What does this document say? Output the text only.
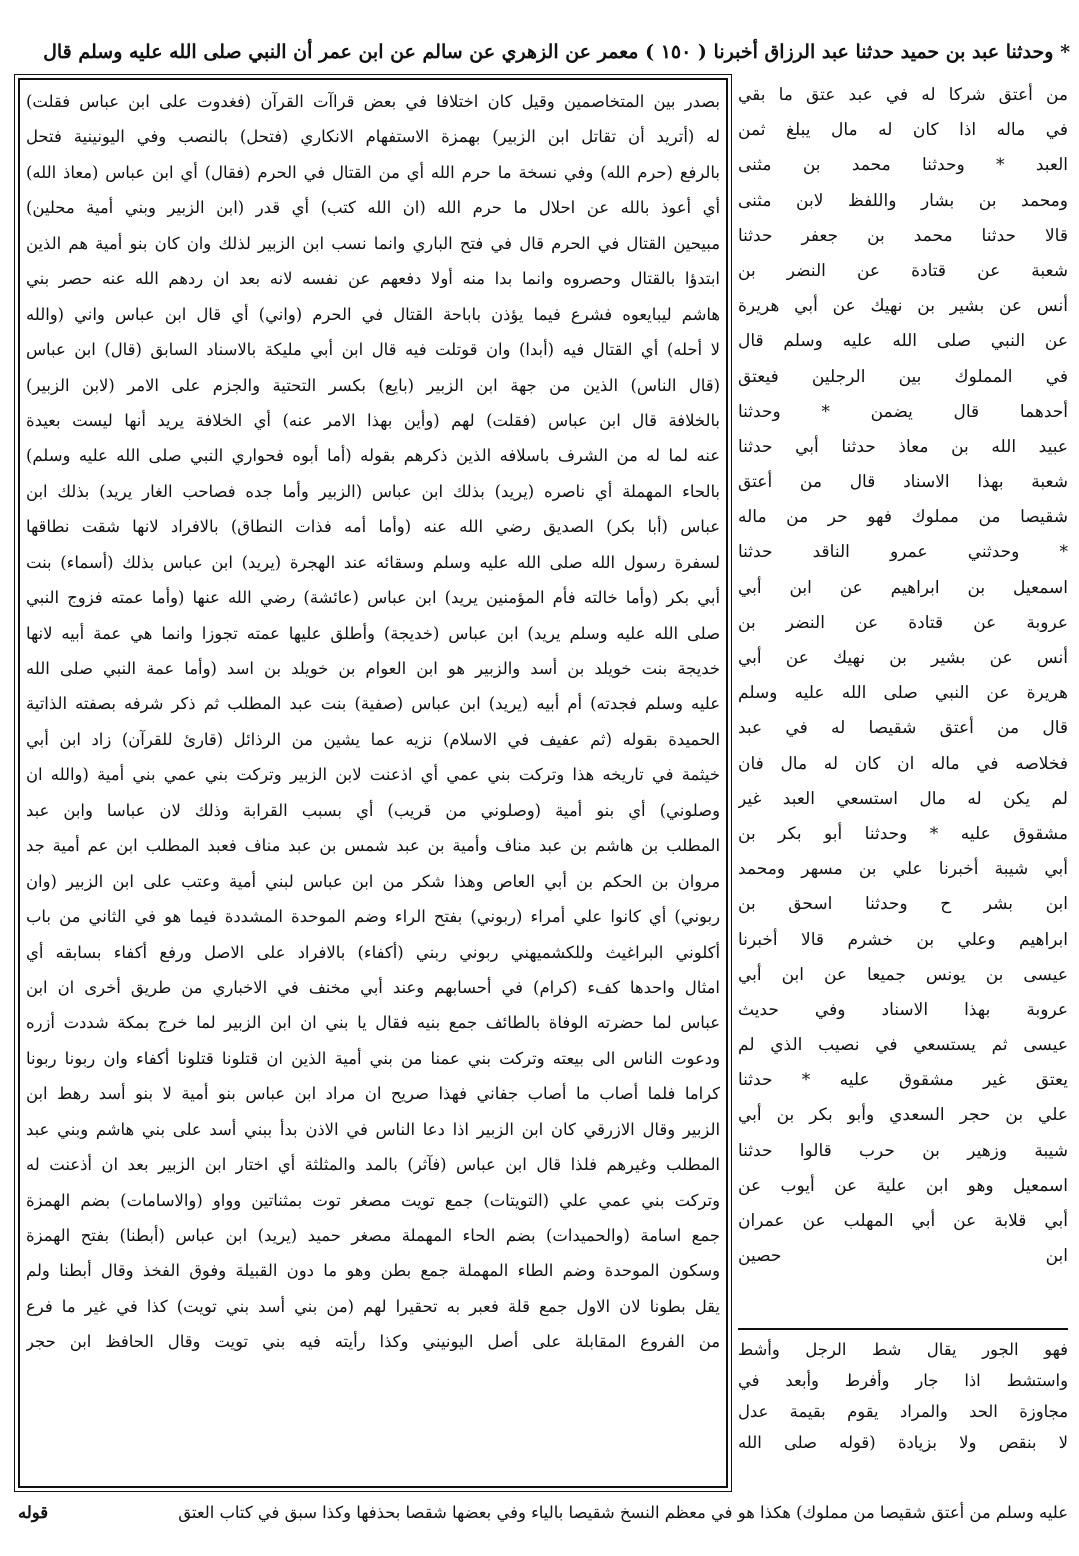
* وحدثنا عبد بن حميد حدثنا عبد الرزاق أخبرنا ( ١٥٠ ) معمر عن الزهري عن سالم عن ابن عمر أن النبي صلى الله عليه وسلم قال
بصدر بين المتخاصمين وقيل كان اختلافا في بعض قراآت القرآن (فغدوت على ابن عباس فقلت)
له (أتريد أن تقاتل ابن الزبير) بهمزة الاستفهام الانكاري (فتحل) بالنصب وفي اليونينية فتحل
بالرفع (حرم الله) وفي نسخة ما حرم الله أي من القتال في الحرم (فقال) أي ابن عباس (معاذ الله)
أي أعوذ بالله عن احلال ما حرم الله (ان الله كتب) أي قدر (ابن الزبير وبني أمية محلين)
مبيحين القتال في الحرم قال في فتح الباري وانما نسب ابن الزبير لذلك وان كان بنو أمية هم الذين
ابتدؤا بالقتال وحصروه وانما بدا منه أولا دفعهم عن نفسه لانه بعد ان ردهم الله عنه حصر بني
هاشم ليبايعوه فشرع فيما يؤذن باباحة القتال في الحرم (واني) أي قال ابن عباس واني (والله
لا أحله) أي القتال فيه (أبدا) وان قوتلت فيه قال ابن أبي مليكة بالاسناد السابق (قال) ابن عباس
(قال الناس) الذين من جهة ابن الزبير (بايع) بكسر التحتية والجزم على الامر (لابن الزبير)
بالخلافة قال ابن عباس (فقلت) لهم (وأين بهذا الامر عنه) أي الخلافة يريد أنها ليست بعيدة
عنه لما له من الشرف باسلافه الذين ذكرهم بقوله (أما أبوه فحواري النبي صلى الله عليه وسلم)
بالحاء المهملة أي ناصره (يريد) بذلك ابن عباس (الزبير وأما جده فصاحب الغار يريد) بذلك ابن
عباس (أبا بكر) الصديق رضي الله عنه (وأما أمه فذات النطاق) بالافراد لانها شقت نطاقها
لسفرة رسول الله صلى الله عليه وسلم وسقائه عند الهجرة (يريد) ابن عباس بذلك (أسماء) بنت
أبي بكر (وأما خالته فأم المؤمنين يريد) ابن عباس (عائشة) رضي الله عنها (وأما عمته فزوج النبي
صلى الله عليه وسلم يريد) ابن عباس (خديجة) وأطلق عليها عمته تجوزا وانما هي عمة أبيه لانها
خديجة بنت خويلد بن أسد والزبير هو ابن العوام بن خويلد بن اسد (وأما عمة النبي صلى الله
عليه وسلم فجدته) أم أبيه (يريد) ابن عباس (صفية) بنت عبد المطلب ثم ذكر شرفه بصفته الذاتية
الحميدة بقوله (ثم عفيف في الاسلام) نزيه عما يشين من الرذائل (قارئ للقرآن) زاد ابن أبي
خيثمة في تاريخه هذا وتركت بني عمي أي اذعنت لابن الزبير وتركت بني عمي بني أمية (والله ان
وصلوني) أي بنو أمية (وصلوني من قريب) أي بسبب القرابة وذلك لان عباسا وابن عبد
المطلب بن هاشم بن عبد مناف وأمية بن عبد شمس بن عبد مناف فعبد المطلب ابن عم أمية جد
مروان بن الحكم بن أبي العاص وهذا شكر من ابن عباس لبني أمية وعتب على ابن الزبير (وان
ربوني) أي كانوا علي أمراء (ربوني) بفتح الراء وضم الموحدة المشددة فيما هو في الثاني من باب
أكلوني البراغيث وللكشميهني ربوني ربني (أكفاء) بالافراد على الاصل ورفع أكفاء بسابقه أي
امثال واحدها كفء (كرام) في أحسابهم وعند أبي مخنف في الاخباري من طريق أخرى ان ابن
عباس لما حضرته الوفاة بالطائف جمع بنيه فقال يا بني ان ابن الزبير لما خرج بمكة شددت أزره
ودعوت الناس الى بيعته وتركت بني عمنا من بني أمية الذين ان قتلونا قتلونا أكفاء وان ربونا ربونا
كراما فلما أصاب ما أصاب جفاني فهذا صريح ان مراد ابن عباس بنو أمية لا بنو أسد رهط ابن
الزبير وقال الازرقي كان ابن الزبير اذا دعا الناس في الاذن بدأ ببني أسد على بني هاشم وبني عبد
المطلب وغيرهم فلذا قال ابن عباس (فآثر) بالمد والمثلثة أي اختار ابن الزبير بعد ان أذعنت له
وتركت بني عمي علي (التويتات) جمع تويت مصغر توت بمثناتين وواو (والاسامات) بضم الهمزة
جمع اسامة (والحميدات) بضم الحاء المهملة مصغر حميد (يريد) ابن عباس (أبطنا) بفتح الهمزة
وسكون الموحدة وضم الطاء المهملة جمع بطن وهو ما دون القبيلة وفوق الفخذ وقال أبطنا ولم
يقل بطونا لان الاول جمع قلة فعبر به تحقيرا لهم (من بني أسد بني تويت) كذا في غير ما فرع
من الفروع المقابلة على أصل اليونيني وكذا رأيته فيه بني تويت وقال الحافظ ابن حجر
من أعتق شركا له في عبد عتق ما بقي
في ماله اذا كان له مال يبلغ ثمن
العبد * وحدثنا محمد بن مثنى
ومحمد بن بشار واللفظ لابن مثنى
قالا حدثنا محمد بن جعفر حدثنا
شعبة عن قتادة عن النضر بن
أنس عن بشير بن نهيك عن أبي هريرة
عن النبي صلى الله عليه وسلم قال
في المملوك بين الرجلين فيعتق
أحدهما قال يضمن * وحدثنا
عبيد الله بن معاذ حدثنا أبي حدثنا
شعبة بهذا الاسناد قال من أعتق
شقيصا من مملوك فهو حر من ماله
* وحدثني عمرو الناقد حدثنا
اسمعيل بن ابراهيم عن ابن أبي
عروبة عن قتادة عن النضر بن
أنس عن بشير بن نهيك عن أبي
هريرة عن النبي صلى الله عليه وسلم
قال من أعتق شقيصا له في عبد
فخلاصه في ماله ان كان له مال فان
لم يكن له مال استسعي العبد غير
مشقوق عليه * وحدثنا أبو بكر بن
أبي شيبة أخبرنا علي بن مسهر ومحمد
ابن بشر ح وحدثنا اسحق بن
ابراهيم وعلي بن خشرم قالا أخبرنا
عيسى بن يونس جميعا عن ابن أبي
عروبة بهذا الاسناد وفي حديث
عيسى ثم يستسعي في نصيب الذي لم
يعتق غير مشقوق عليه * حدثنا
علي بن حجر السعدي وأبو بكر بن أبي
شيبة وزهير بن حرب قالوا حدثنا
اسمعيل وهو ابن علية عن أيوب عن
أبي قلابة عن أبي المهلب عن عمران
ابن حصين
فهو الجور يقال شط الرجل وأشط
واستشط اذا جار وأفرط وأبعد في
مجاوزة الحد والمراد يقوم بقيمة عدل
لا بنقص ولا بزيادة (قوله صلى الله
قوله	عليه وسلم من أعتق شقيصا من مملوك) هكذا هو في معظم النسخ شقيصا بالياء وفي بعضها شقصا بحذفها وكذا سبق في كتاب العتق
